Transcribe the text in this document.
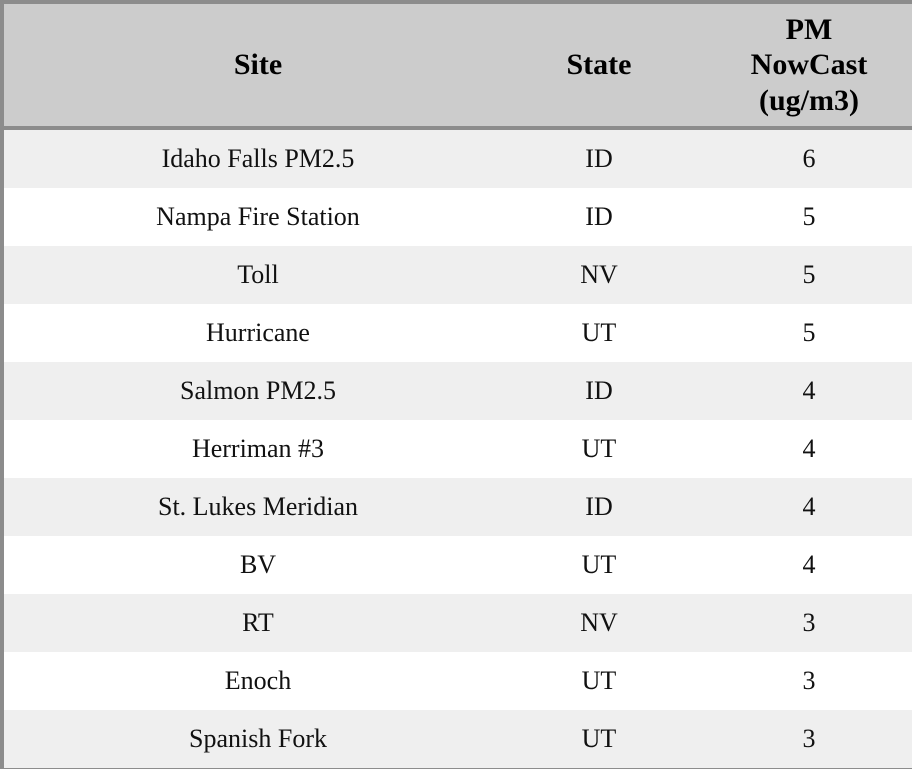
Site	State	PM
NowCast
(ug/m3)
Idaho Falls PM2.5	ID	6
Nampa Fire Station	ID	5
Toll	NV	5
Hurricane	UT	5
Salmon PM2.5	ID	4
Herriman #3	UT	4
St. Lukes Meridian	ID	4
BV	UT	4
RT	NV	3
Enoch	UT	3
Spanish Fork	UT	3
